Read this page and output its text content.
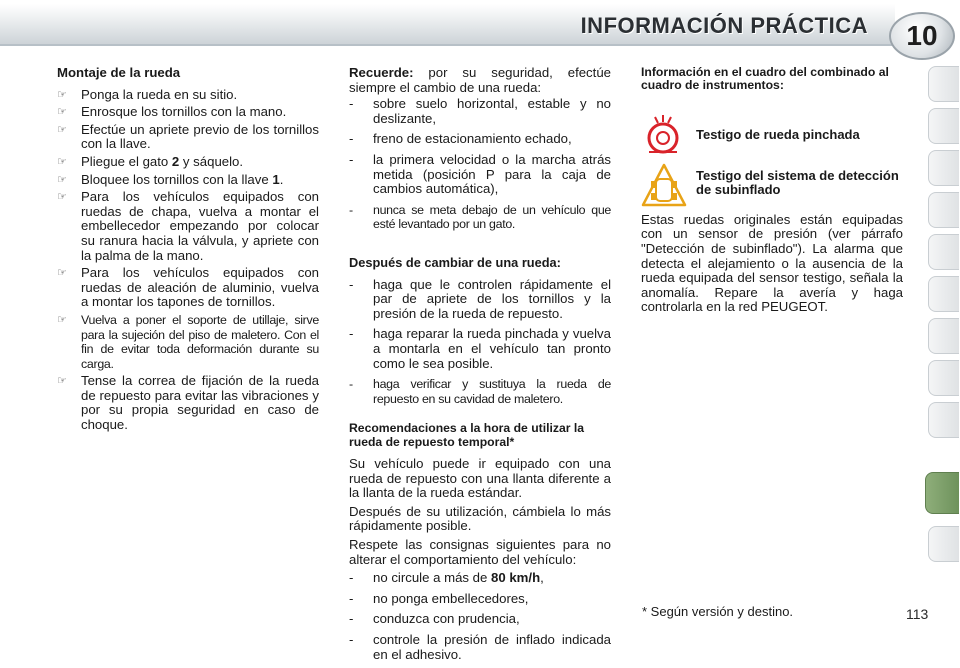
INFORMACIÓN PRÁCTICA	10
Montaje de la rueda
☞ Ponga la rueda en su sitio.
☞ Enrosque los tornillos con la mano.
☞ Efectúe un apriete previo de los tornillos con la llave.
☞ Pliegue el gato 2 y sáquelo.
☞ Bloquee los tornillos con la llave 1.
☞ Para los vehículos equipados con ruedas de chapa, vuelva a montar el embellecedor empezando por colocar su ranura hacia la válvula, y apriete con la palma de la mano.
☞ Para los vehículos equipados con ruedas de aleación de aluminio, vuelva a montar los tapones de tornillos.
☞ Vuelva a poner el soporte de utillaje, sirve para la sujeción del piso de maletero. Con el fin de evitar toda deformación durante su carga.
☞ Tense la correa de fijación de la rueda de repuesto para evitar las vibraciones y por su propia seguridad en caso de choque.

Recuerde: por su seguridad, efectúe siempre el cambio de una rueda:

- sobre suelo horizontal, estable y no deslizante,
- freno de estacionamiento echado,
- la primera velocidad o la marcha atrás metida (posición P para la caja de cambios automática),
- nunca se meta debajo de un vehículo que esté levantado por un gato.
Después de cambiar de una rueda:
- haga que le controlen rápidamente el par de apriete de los tornillos y la presión de la rueda de repuesto.
- haga reparar la rueda pinchada y vuelva a montarla en el vehículo tan pronto como le sea posible.
- haga verificar y sustituya la rueda de repuesto en su cavidad de maletero.
Recomendaciones a la hora de utilizar la rueda de repuesto temporal*

Su vehículo puede ir equipado con una rueda de repuesto con una llanta diferente a la llanta de la rueda estándar.

Después de su utilización, cámbiela lo más rápidamente posible.

Respete las consignas siguientes para no alterar el comportamiento del vehículo:

- no circule a más de 80 km/h,
- no ponga embellecedores,
- conduzca con prudencia,
- controle la presión de inflado indicada en el adhesivo.
Información en el cuadro del combinado al cuadro de instrumentos:
Testigo de rueda pinchada
Testigo del sistema de detección de subinflado

Estas ruedas originales están equipadas con un sensor de presión (ver párrafo "Detección de subinflado"). La alarma que detecta el alejamiento o la ausencia de la rueda equipada del sensor testigo, señala la anomalía. Repare la avería y haga controlarla en la red PEUGEOT.

* Según versión y destino.	113
